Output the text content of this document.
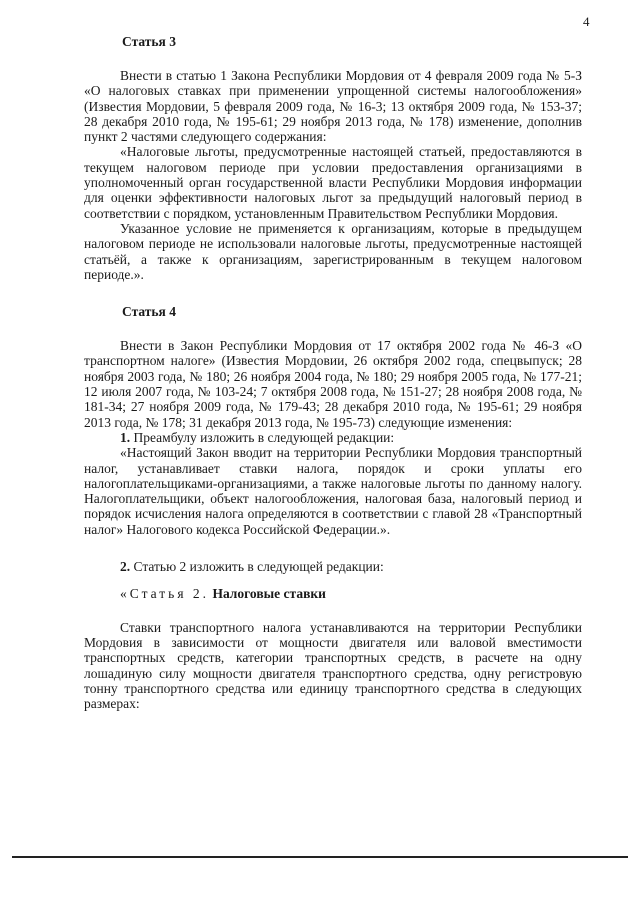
4
Статья 3

Внести в статью 1 Закона Республики Мордовия от 4 февраля 2009 года № 5-З «О налоговых ставках при применении упрощенной системы налогообложения» (Известия Мордовии, 5 февраля 2009 года, № 16-3; 13 октября 2009 года, № 153-37; 28 декабря 2010 года, № 195-61; 29 ноября 2013 года, № 178) изменение, дополнив пункт 2 частями следующего содержания:

«Налоговые льготы, предусмотренные настоящей статьей, предоставляются в текущем налоговом периоде при условии предоставления организациями в уполномоченный орган государственной власти Республики Мордовия информации для оценки эффективности налоговых льгот за предыдущий налоговый период в соответствии с порядком, установленным Правительством Республики Мордовия.

Указанное условие не применяется к организациям, которые в предыдущем налоговом периоде не использовали налоговые льготы, предусмотренные настоящей статьёй, а также к организациям, зарегистрированным в текущем налоговом периоде.».

Статья 4

Внести в Закон Республики Мордовия от 17 октября 2002 года № 46-З «О транспортном налоге» (Известия Мордовии, 26 октября 2002 года, спецвыпуск; 28 ноября 2003 года, № 180; 26 ноября 2004 года, № 180; 29 ноября 2005 года, № 177-21; 12 июля 2007 года, № 103-24; 7 октября 2008 года, № 151-27; 28 ноября 2008 года, № 181-34; 27 ноября 2009 года, № 179-43; 28 декабря 2010 года, № 195-61; 29 ноября 2013 года, № 178; 31 декабря 2013 года, № 195-73) следующие изменения:

1. Преамбулу изложить в следующей редакции:

«Настоящий Закон вводит на территории Республики Мордовия транспортный налог, устанавливает ставки налога, порядок и сроки уплаты его налогоплательщиками-организациями, а также налоговые льготы по данному налогу. Налогоплательщики, объект налогообложения, налоговая база, налоговый период и порядок исчисления налога определяются в соответствии с главой 28 «Транспортный налог» Налогового кодекса Российской Федерации.».

2. Статью 2 изложить в следующей редакции:

«Статья 2. Налоговые ставки

Ставки транспортного налога устанавливаются на территории Республики Мордовия в зависимости от мощности двигателя или валовой вместимости транспортных средств, категории транспортных средств, в расчете на одну лошадиную силу мощности двигателя транспортного средства, одну регистровую тонну транспортного средства или единицу транспортного средства в следующих размерах:
